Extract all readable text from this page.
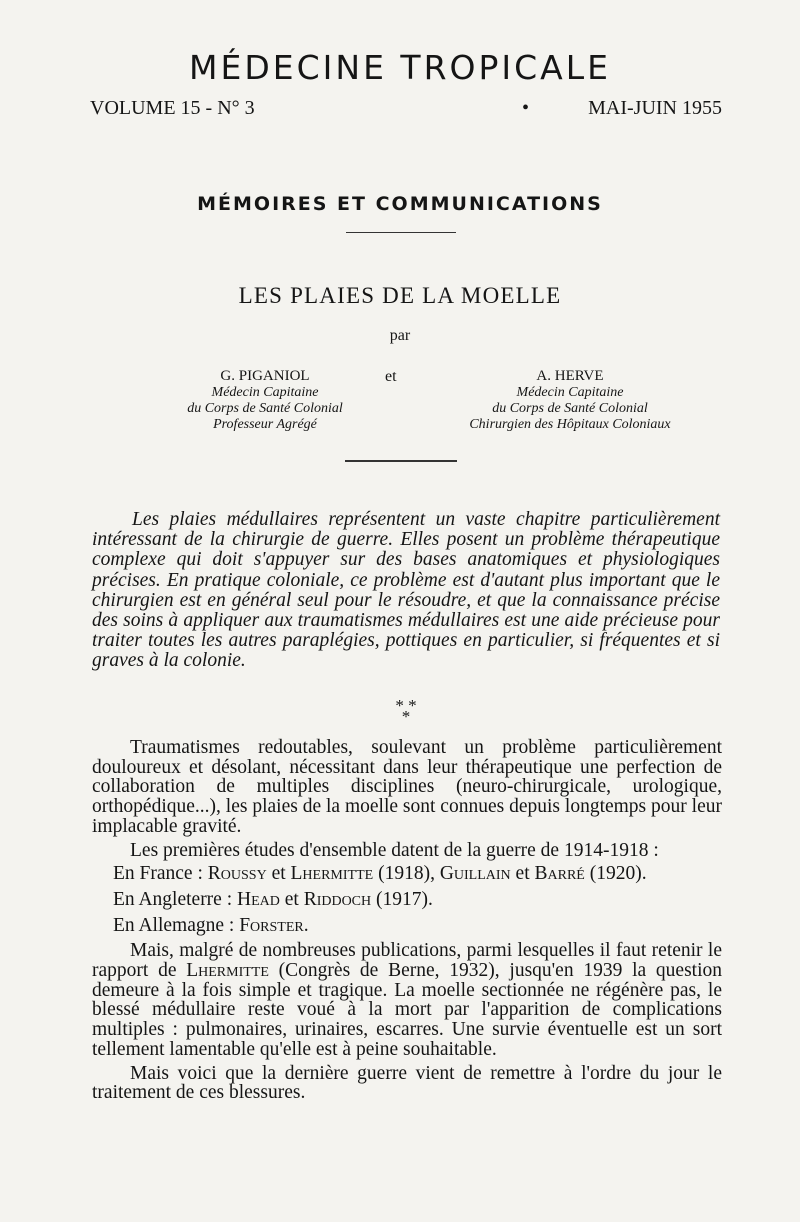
MÉDECINE TROPICALE
VOLUME 15 - N° 3	•	MAI-JUIN 1955
MÉMOIRES ET COMMUNICATIONS
LES PLAIES DE LA MOELLE
par
G. PIGANIOL
Médecin Capitaine
du Corps de Santé Colonial
Professeur Agrégé
et	A. HERVE
Médecin Capitaine
du Corps de Santé Colonial
Chirurgien des Hôpitaux Coloniaux

Les plaies médullaires représentent un vaste chapitre particulièrement intéressant de la chirurgie de guerre. Elles posent un problème thérapeutique complexe qui doit s'appuyer sur des bases anatomiques et physiologiques précises. En pratique coloniale, ce problème est d'autant plus important que le chirurgien est en général seul pour le résoudre, et que la connaissance précise des soins à appliquer aux traumatismes médullaires est une aide précieuse pour traiter toutes les autres paraplégies, pottiques en particulier, si fréquentes et si graves à la colonie.

* * *

Traumatismes redoutables, soulevant un problème particulièrement douloureux et désolant, nécessitant dans leur thérapeutique une perfection de collaboration de multiples disciplines (neuro-chirurgicale, urologique, orthopédique...), les plaies de la moelle sont connues depuis longtemps pour leur implacable gravité.

Les premières études d'ensemble datent de la guerre de 1914-1918 :

En France : Roussy et Lhermitte (1918), Guillain et Barré (1920).

En Angleterre : Head et Riddoch (1917).

En Allemagne : Forster.

Mais, malgré de nombreuses publications, parmi lesquelles il faut retenir le rapport de Lhermitte (Congrès de Berne, 1932), jusqu'en 1939 la question demeure à la fois simple et tragique. La moelle sectionnée ne régénère pas, le blessé médullaire reste voué à la mort par l'apparition de complications multiples : pulmonaires, urinaires, escarres. Une survie éventuelle est un sort tellement lamentable qu'elle est à peine souhaitable.

Mais voici que la dernière guerre vient de remettre à l'ordre du jour le traitement de ces blessures.
